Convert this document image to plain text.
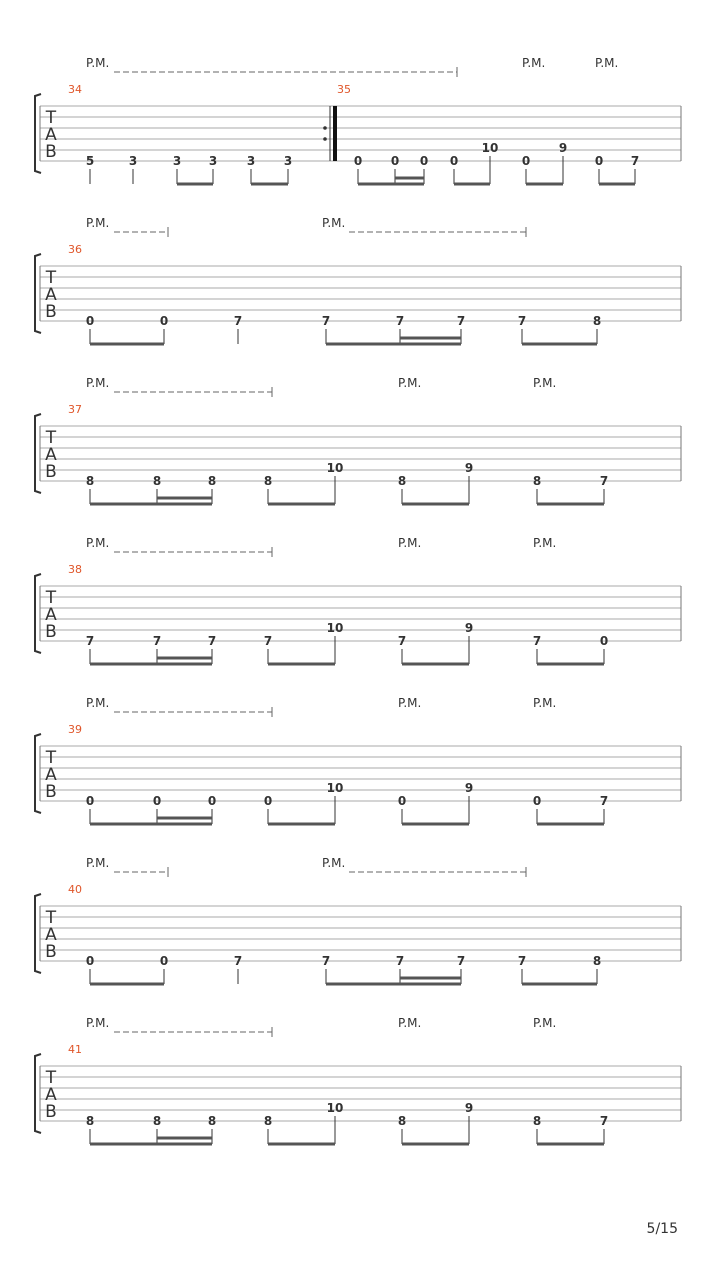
T
A
B
34	35
5	3	3 3 3 3	0 0 0 0
10
0
9
0 7
P.M.	P.M.	P.M.
T
A
B
36
0	0	7	7	7	7	7	8
P.M.	P.M.
T
A
B
37
8	8	8	8
10
8
9
8	7
P.M.	P.M.	P.M.
T
A
B
38
7	7	7	7
10
7
9
7	0
P.M.	P.M.	P.M.
T
A
B
39
0	0	0	0
10
0
9
0	7
P.M.	P.M.	P.M.
T
A
B
40
0	0	7	7	7	7	7	8
P.M.	P.M.
T
A
B
41
8	8	8	8
10
8
9
8	7
P.M.	P.M.	P.M.
5/15
